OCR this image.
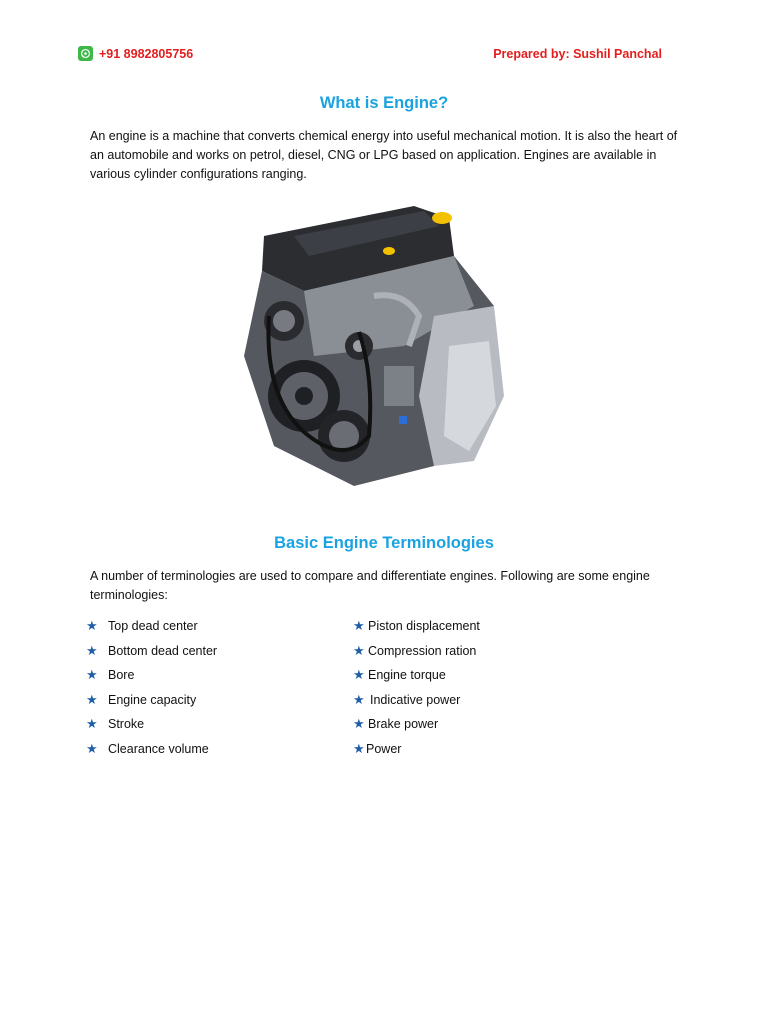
+91 8982805756	Prepared by: Sushil Panchal
What is Engine?
An engine is a machine that converts chemical energy into useful mechanical motion. It is also the heart of an automobile and works on petrol, diesel, CNG or LPG based on application. Engines are available in various cylinder configurations ranging.
Basic Engine Terminologies
A number of terminologies are used to compare and differentiate engines. Following are some engine terminologies:
★ Top dead center
★ Bottom dead center
★ Bore
★ Engine capacity
★ Stroke
★ Clearance volume
★ Piston displacement
★ Compression ration
★ Engine torque
★ Indicative power
★ Brake power
★ Power
